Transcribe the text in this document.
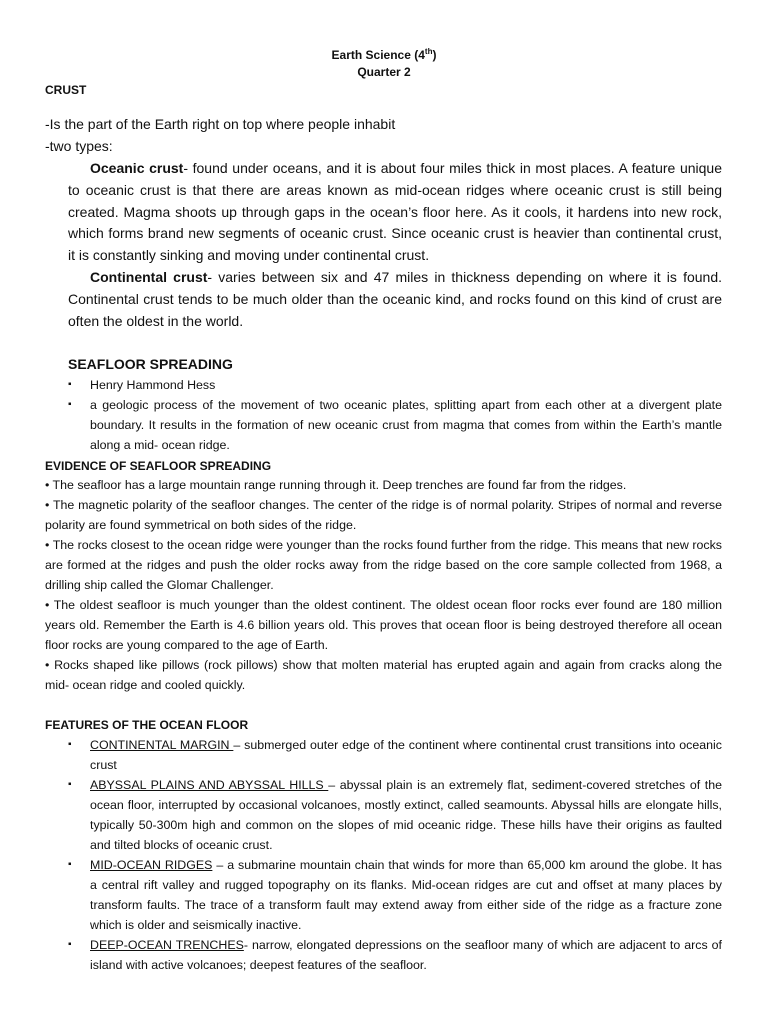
Earth Science (4th)
Quarter 2
CRUST
-Is the part of the Earth right on top where people inhabit
-two types:
Oceanic crust- found under oceans, and it is about four miles thick in most places. A feature unique to oceanic crust is that there are areas known as mid-ocean ridges where oceanic crust is still being created. Magma shoots up through gaps in the ocean’s floor here. As it cools, it hardens into new rock, which forms brand new segments of oceanic crust. Since oceanic crust is heavier than continental crust, it is constantly sinking and moving under continental crust.
Continental crust- varies between six and 47 miles in thickness depending on where it is found. Continental crust tends to be much older than the oceanic kind, and rocks found on this kind of crust are often the oldest in the world.
SEAFLOOR SPREADING
▪ Henry Hammond Hess
▪ a geologic process of the movement of two oceanic plates, splitting apart from each other at a divergent plate boundary. It results in the formation of new oceanic crust from magma that comes from within the Earth’s mantle along a mid- ocean ridge.
EVIDENCE OF SEAFLOOR SPREADING

• The seafloor has a large mountain range running through it. Deep trenches are found far from the ridges.

• The magnetic polarity of the seafloor changes. The center of the ridge is of normal polarity. Stripes of normal and reverse polarity are found symmetrical on both sides of the ridge.

• The rocks closest to the ocean ridge were younger than the rocks found further from the ridge. This means that new rocks are formed at the ridges and push the older rocks away from the ridge based on the core sample collected from 1968, a drilling ship called the Glomar Challenger.

• The oldest seafloor is much younger than the oldest continent. The oldest ocean floor rocks ever found are 180 million years old. Remember the Earth is 4.6 billion years old. This proves that ocean floor is being destroyed therefore all ocean floor rocks are young compared to the age of Earth.

• Rocks shaped like pillows (rock pillows) show that molten material has erupted again and again from cracks along the mid- ocean ridge and cooled quickly.

FEATURES OF THE OCEAN FLOOR
▪ CONTINENTAL MARGIN – submerged outer edge of the continent where continental crust transitions into oceanic crust
▪ ABYSSAL PLAINS AND ABYSSAL HILLS – abyssal plain is an extremely flat, sediment-covered stretches of the ocean floor, interrupted by occasional volcanoes, mostly extinct, called seamounts. Abyssal hills are elongate hills, typically 50-300m high and common on the slopes of mid oceanic ridge. These hills have their origins as faulted and tilted blocks of oceanic crust.
▪ MID-OCEAN RIDGES – a submarine mountain chain that winds for more than 65,000 km around the globe. It has a central rift valley and rugged topography on its flanks. Mid-ocean ridges are cut and offset at many places by transform faults. The trace of a transform fault may extend away from either side of the ridge as a fracture zone which is older and seismically inactive.
▪ DEEP-OCEAN TRENCHES- narrow, elongated depressions on the seafloor many of which are adjacent to arcs of island with active volcanoes; deepest features of the seafloor.
